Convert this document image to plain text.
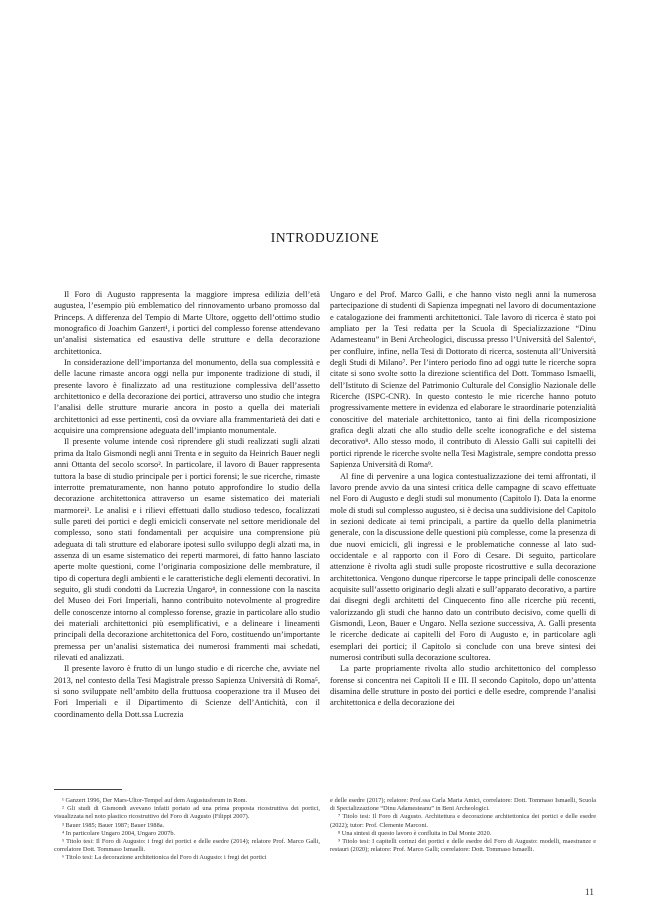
INTRODUZIONE

Il Foro di Augusto rappresenta la maggiore impresa edilizia dell’età augustea, l’esempio più emblematico del rinnovamento urbano promosso dal Princeps. A differenza del Tempio di Marte Ultore, oggetto dell’ottimo studio monografico di Joachim Ganzert¹, i portici del complesso forense attendevano un’analisi sistematica ed esaustiva delle strutture e della decorazione architettonica.

In considerazione dell’importanza del monumento, della sua complessità e delle lacune rimaste ancora oggi nella pur imponente tradizione di studi, il presente lavoro è finalizzato ad una restituzione complessiva dell’assetto architettonico e della decorazione dei portici, attraverso uno studio che integra l’analisi delle strutture murarie ancora in posto a quella dei materiali architettonici ad esse pertinenti, così da ovviare alla frammentarietà dei dati e acquisire una comprensione adeguata dell’impianto monumentale.

Il presente volume intende così riprendere gli studi realizzati sugli alzati prima da Italo Gismondi negli anni Trenta e in seguito da Heinrich Bauer negli anni Ottanta del secolo scorso². In particolare, il lavoro di Bauer rappresenta tuttora la base di studio principale per i portici forensi; le sue ricerche, rimaste interrotte prematuramente, non hanno potuto approfondire lo studio della decorazione architettonica attraverso un esame sistematico dei materiali marmorei³. Le analisi e i rilievi effettuati dallo studioso tedesco, focalizzati sulle pareti dei portici e degli emicicli conservate nel settore meridionale del complesso, sono stati fondamentali per acquisire una comprensione più adeguata di tali strutture ed elaborare ipotesi sullo sviluppo degli alzati ma, in assenza di un esame sistematico dei reperti marmorei, di fatto hanno lasciato aperte molte questioni, come l’originaria composizione delle membrature, il tipo di copertura degli ambienti e le caratteristiche degli elementi decorativi. In seguito, gli studi condotti da Lucrezia Ungaro⁴, in connessione con la nascita del Museo dei Fori Imperiali, hanno contribuito notevolmente al progredire delle conoscenze intorno al complesso forense, grazie in particolare allo studio dei materiali architettonici più esemplificativi, e a delineare i lineamenti principali della decorazione architettonica del Foro, costituendo un’importante premessa per un’analisi sistematica dei numerosi frammenti mai schedati, rilevati ed analizzati.

Il presente lavoro è frutto di un lungo studio e di ricerche che, avviate nel 2013, nel contesto della Tesi Magistrale presso Sapienza Università di Roma⁵, si sono sviluppate nell’ambito della fruttuosa cooperazione tra il Museo dei Fori Imperiali e il Dipartimento di Scienze dell’Antichità, con il coordinamento della Dott.ssa Lucrezia

Ungaro e del Prof. Marco Galli, e che hanno visto negli anni la numerosa partecipazione di studenti di Sapienza impegnati nel lavoro di documentazione e catalogazione dei frammenti architettonici. Tale lavoro di ricerca è stato poi ampliato per la Tesi redatta per la Scuola di Specializzazione “Dinu Adamesteanu” in Beni Archeologici, discussa presso l’Università del Salento⁶, per confluire, infine, nella Tesi di Dottorato di ricerca, sostenuta all’Università degli Studi di Milano⁷. Per l’intero periodo fino ad oggi tutte le ricerche sopra citate si sono svolte sotto la direzione scientifica del Dott. Tommaso Ismaelli, dell’Istituto di Scienze del Patrimonio Culturale del Consiglio Nazionale delle Ricerche (ISPC-CNR). In questo contesto le mie ricerche hanno potuto progressivamente mettere in evidenza ed elaborare le straordinarie potenzialità conoscitive del materiale architettonico, tanto ai fini della ricomposizione grafica degli alzati che allo studio delle scelte iconografiche e del sistema decorativo⁸. Allo stesso modo, il contributo di Alessio Galli sui capitelli dei portici riprende le ricerche svolte nella Tesi Magistrale, sempre condotta presso Sapienza Università di Roma⁹.

Al fine di pervenire a una logica contestualizzazione dei temi affrontati, il lavoro prende avvio da una sintesi critica delle campagne di scavo effettuate nel Foro di Augusto e degli studi sul monumento (Capitolo I). Data la enorme mole di studi sul complesso augusteo, si è decisa una suddivisione del Capitolo in sezioni dedicate ai temi principali, a partire da quello della planimetria generale, con la discussione delle questioni più complesse, come la presenza di due nuovi emicicli, gli ingressi e le problematiche connesse al lato sud-occidentale e al rapporto con il Foro di Cesare. Di seguito, particolare attenzione è rivolta agli studi sulle proposte ricostruttive e sulla decorazione architettonica. Vengono dunque ripercorse le tappe principali delle conoscenze acquisite sull’assetto originario degli alzati e sull’apparato decorativo, a partire dai disegni degli architetti del Cinquecento fino alle ricerche più recenti, valorizzando gli studi che hanno dato un contributo decisivo, come quelli di Gismondi, Leon, Bauer e Ungaro. Nella sezione successiva, A. Galli presenta le ricerche dedicate ai capitelli del Foro di Augusto e, in particolare agli esemplari dei portici; il Capitolo si conclude con una breve sintesi dei numerosi contributi sulla decorazione scultorea.

La parte propriamente rivolta allo studio architettonico del complesso forense si concentra nei Capitoli II e III. Il secondo Capitolo, dopo un’attenta disamina delle strutture in posto dei portici e delle esedre, comprende l’analisi architettonica e della decorazione dei

¹ Ganzert 1996, Der Mars-Ultor-Tempel auf dem Augustusforum in Rom.

² Gli studi di Gismondi avevano infatti portato ad una prima proposta ricostruttiva dei portici, visualizzata nel noto plastico ricostruttivo del Foro di Augusto (Filippi 2007).

³ Bauer 1985; Bauer 1987; Bauer 1988a.

⁴ In particolare Ungaro 2004, Ungaro 2007b.

⁵ Titolo tesi: Il Foro di Augusto: i fregi dei portici e delle esedre (2014); relatore Prof. Marco Galli, correlatore Dott. Tommaso Ismaelli.

⁶ Titolo tesi: La decorazione architettonica del Foro di Augusto: i fregi dei portici

e delle esedre (2017); relatore: Prof.ssa Carla Maria Amici, correlatore: Dott. Tommaso Ismaelli, Scuola di Specializzazione “Dinu Adamesteanu” in Beni Archeologici.

⁷ Titolo tesi: Il Foro di Augusto. Architettura e decorazione architettonica dei portici e delle esedre (2022); tutor: Prof. Clemente Marconi.

⁸ Una sintesi di questo lavoro è confluita in Dal Monte 2020.

⁹ Titolo tesi: I capitelli corinzi dei portici e delle esedre del Foro di Augusto: modelli, maestranze e restauri (2020); relatore: Prof. Marco Galli; correlatore: Dott. Tommaso Ismaelli.

11
